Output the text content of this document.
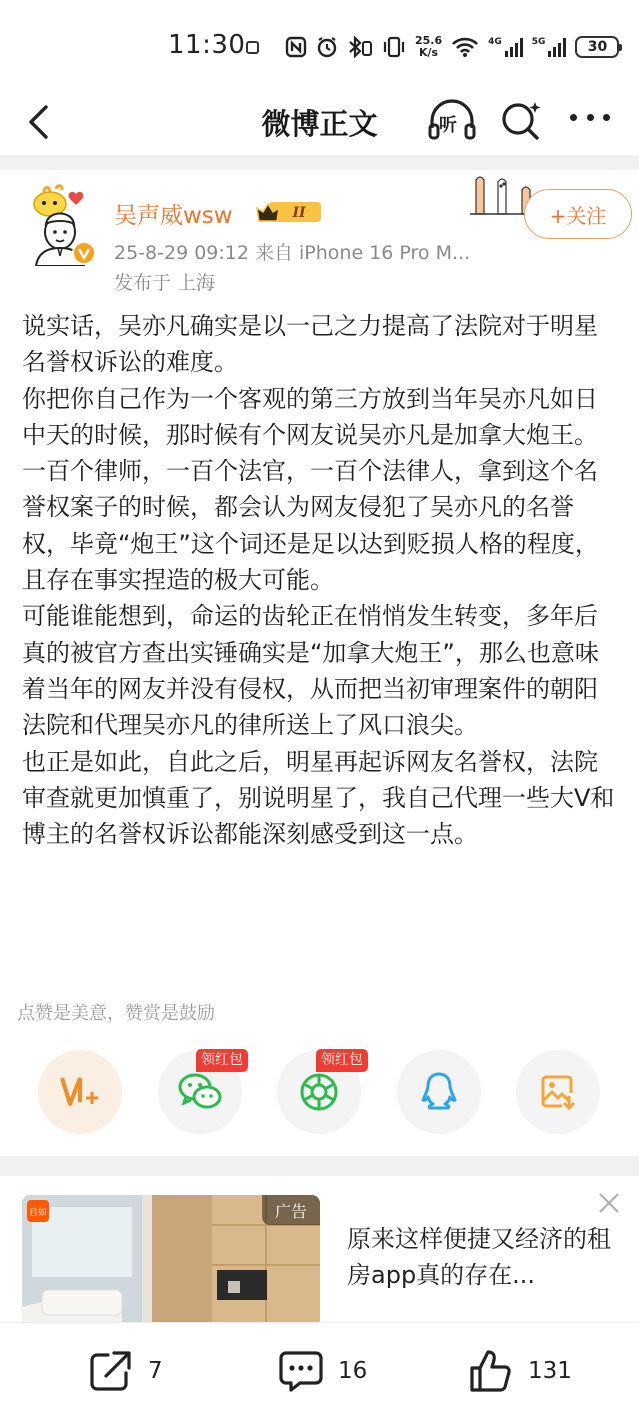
11:30	25.6
K/s
4G	5G	30
微博正文	听
吴声威wsw	II
25-8-29 09:12 来自 iPhone 16 Pro M...
发布于 上海
+关注

说实话，吴亦凡确实是以一己之力提高了法院对于明星名誉权诉讼的难度。

你把你自己作为一个客观的第三方放到当年吴亦凡如日中天的时候，那时候有个网友说吴亦凡是加拿大炮王。

一百个律师，一百个法官，一百个法律人，拿到这个名誉权案子的时候，都会认为网友侵犯了吴亦凡的名誉权，毕竟“炮王”这个词还是足以达到贬损人格的程度，且存在事实捏造的极大可能。

可能谁能想到，命运的齿轮正在悄悄发生转变，多年后真的被官方查出实锤确实是“加拿大炮王”，那么也意味着当年的网友并没有侵权，从而把当初审理案件的朝阳法院和代理吴亦凡的律所送上了风口浪尖。

也正是如此，自此之后，明星再起诉网友名誉权，法院审查就更加慎重了，别说明星了，我自己代理一些大V和博主的名誉权诉讼都能深刻感受到这一点。

点赞是美意，赞赏是鼓励
领红包	领红包
自如	广告
原来这样便捷又经济的租房app真的存在...
7	16	131
